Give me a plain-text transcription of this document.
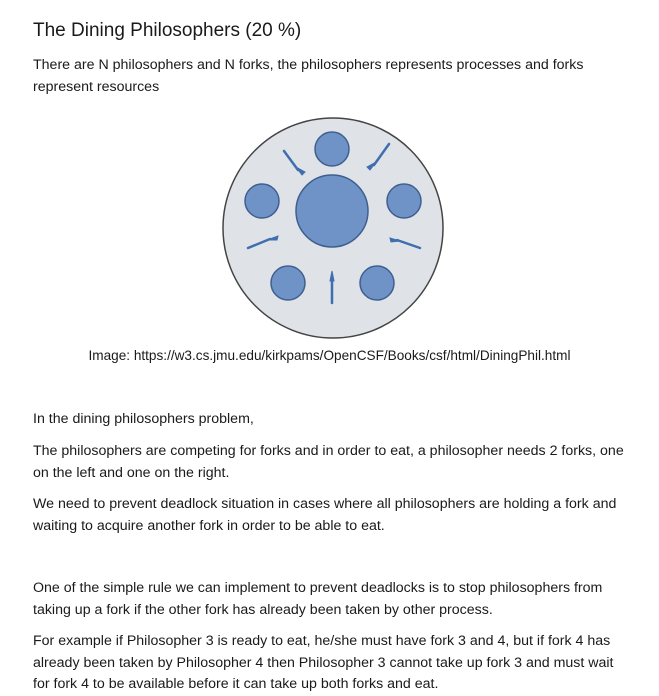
The Dining Philosophers (20 %)
There are N philosophers and N forks, the philosophers represents processes and forks represent resources
Image: https://w3.cs.jmu.edu/kirkpams/OpenCSF/Books/csf/html/DiningPhil.html
In the dining philosophers problem,
The philosophers are competing for forks and in order to eat, a philosopher needs 2 forks, one on the left and one on the right.
We need to prevent deadlock situation in cases where all philosophers are holding a fork and waiting to acquire another fork in order to be able to eat.
One of the simple rule we can implement to prevent deadlocks is to stop philosophers from taking up a fork if the other fork has already been taken by other process.
For example if Philosopher 3 is ready to eat, he/she must have fork 3 and 4, but if fork 4 has already been taken by Philosopher 4 then Philosopher 3 cannot take up fork 3 and must wait for fork 4 to be available before it can take up both forks and eat.
